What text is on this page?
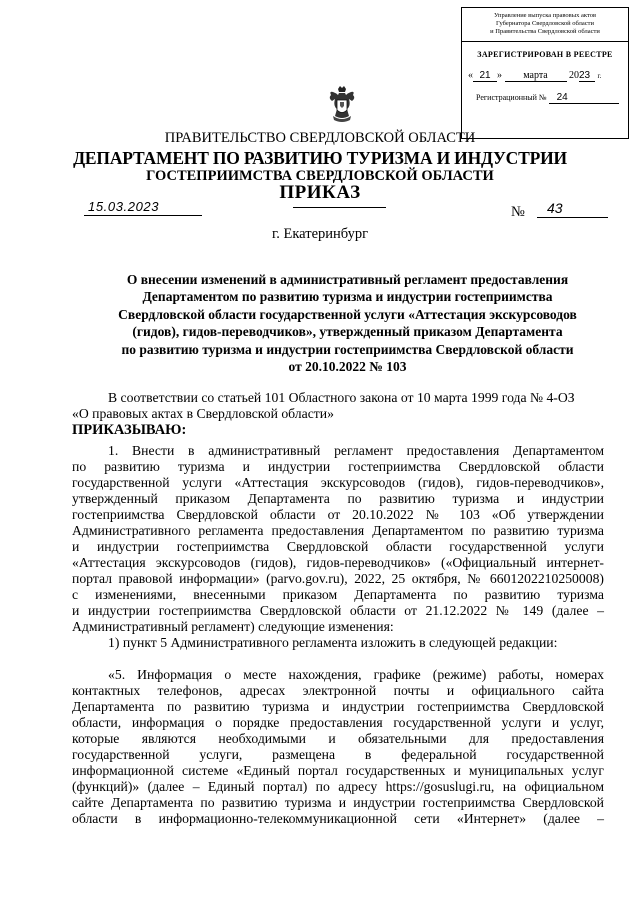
Управление выпуска правовых актов
Губернатора Свердловской области
и Правительства Свердловской области
ЗАРЕГИСТРИРОВАН В РЕЕСТРЕ
« 21 » марта 2023 г.
Регистрационный № 24
ПРАВИТЕЛЬСТВО СВЕРДЛОВСКОЙ ОБЛАСТИ
ДЕПАРТАМЕНТ ПО РАЗВИТИЮ ТУРИЗМА И ИНДУСТРИИ
ГОСТЕПРИИМСТВА СВЕРДЛОВСКОЙ ОБЛАСТИ
ПРИКАЗ
15.03.2023	№	43
г. Екатеринбург
О внесении изменений в административный регламент предоставления
Департаментом по развитию туризма и индустрии гостеприимства
Свердловской области государственной услуги «Аттестация экскурсоводов
(гидов), гидов-переводчиков», утвержденный приказом Департамента
по развитию туризма и индустрии гостеприимства Свердловской области
от 20.10.2022 № 103
В соответствии со статьей 101 Областного закона от 10 марта 1999 года № 4-ОЗ
«О правовых актах в Свердловской области»
ПРИКАЗЫВАЮ:
1. Внести в административный регламент предоставления Департаментом
по развитию туризма и индустрии гостеприимства Свердловской области
государственной услуги «Аттестация экскурсоводов (гидов), гидов-переводчиков»,
утвержденный приказом Департамента по развитию туризма и индустрии
гостеприимства Свердловской области от 20.10.2022 № 103 «Об утверждении
Административного регламента предоставления Департаментом по развитию туризма
и индустрии гостеприимства Свердловской области государственной услуги
«Аттестация экскурсоводов (гидов), гидов-переводчиков» («Официальный интернет-
портал правовой информации» (parvo.gov.ru), 2022, 25 октября, № 6601202210250008)
с изменениями, внесенными приказом Департамента по развитию туризма
и индустрии гостеприимства Свердловской области от 21.12.2022 № 149 (далее –
Административный регламент) следующие изменения:
1) пункт 5 Административного регламента изложить в следующей редакции:
«5. Информация о месте нахождения, графике (режиме) работы, номерах
контактных телефонов, адресах электронной почты и официального сайта
Департамента по развитию туризма и индустрии гостеприимства Свердловской
области, информация о порядке предоставления государственной услуги и услуг,
которые являются необходимыми и обязательными для предоставления
государственной услуги, размещена в федеральной государственной
информационной системе «Единый портал государственных и муниципальных услуг
(функций)» (далее – Единый портал) по адресу https://gosuslugi.ru, на официальном
сайте Департамента по развитию туризма и индустрии гостеприимства Свердловской
области в информационно-телекоммуникационной сети «Интернет» (далее –
